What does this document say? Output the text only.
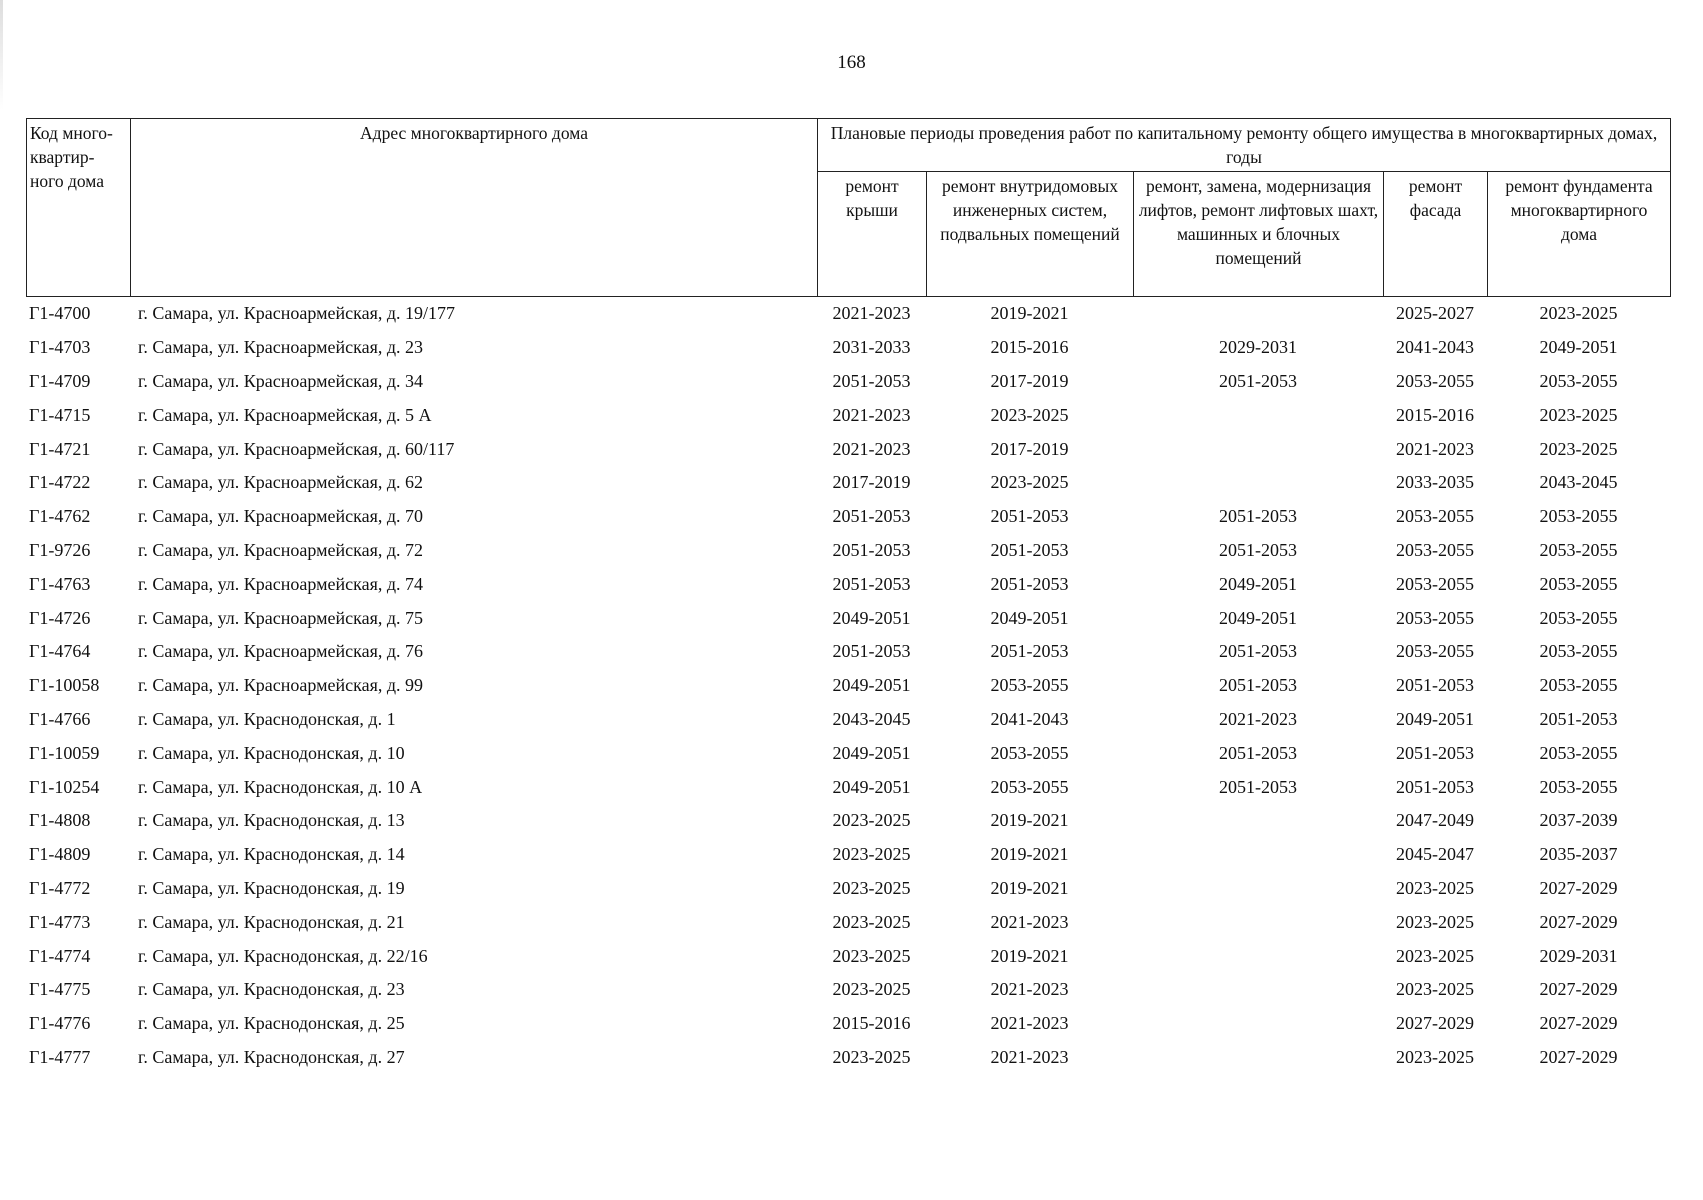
168
Код много-квартир-ного дома	Адрес многоквартирного дома	Плановые периоды проведения работ по капитальному ремонту общего имущества в многоквартирных домах, годы				
		ремонт крыши	ремонт внутридомовых инженерных систем, подвальных помещений	ремонт, замена, модернизация лифтов, ремонт лифтовых шахт, машинных и блочных помещений	ремонт фасада	ремонт фундамента многоквартирного дома
Г1-4700	г. Самара, ул. Красноармейская, д. 19/177	2021-2023	2019-2021		2025-2027	2023-2025
Г1-4703	г. Самара, ул. Красноармейская, д. 23	2031-2033	2015-2016	2029-2031	2041-2043	2049-2051
Г1-4709	г. Самара, ул. Красноармейская, д. 34	2051-2053	2017-2019	2051-2053	2053-2055	2053-2055
Г1-4715	г. Самара, ул. Красноармейская, д. 5 А	2021-2023	2023-2025		2015-2016	2023-2025
Г1-4721	г. Самара, ул. Красноармейская, д. 60/117	2021-2023	2017-2019		2021-2023	2023-2025
Г1-4722	г. Самара, ул. Красноармейская, д. 62	2017-2019	2023-2025		2033-2035	2043-2045
Г1-4762	г. Самара, ул. Красноармейская, д. 70	2051-2053	2051-2053	2051-2053	2053-2055	2053-2055
Г1-9726	г. Самара, ул. Красноармейская, д. 72	2051-2053	2051-2053	2051-2053	2053-2055	2053-2055
Г1-4763	г. Самара, ул. Красноармейская, д. 74	2051-2053	2051-2053	2049-2051	2053-2055	2053-2055
Г1-4726	г. Самара, ул. Красноармейская, д. 75	2049-2051	2049-2051	2049-2051	2053-2055	2053-2055
Г1-4764	г. Самара, ул. Красноармейская, д. 76	2051-2053	2051-2053	2051-2053	2053-2055	2053-2055
Г1-10058	г. Самара, ул. Красноармейская, д. 99	2049-2051	2053-2055	2051-2053	2051-2053	2053-2055
Г1-4766	г. Самара, ул. Краснодонская, д. 1	2043-2045	2041-2043	2021-2023	2049-2051	2051-2053
Г1-10059	г. Самара, ул. Краснодонская, д. 10	2049-2051	2053-2055	2051-2053	2051-2053	2053-2055
Г1-10254	г. Самара, ул. Краснодонская, д. 10 А	2049-2051	2053-2055	2051-2053	2051-2053	2053-2055
Г1-4808	г. Самара, ул. Краснодонская, д. 13	2023-2025	2019-2021		2047-2049	2037-2039
Г1-4809	г. Самара, ул. Краснодонская, д. 14	2023-2025	2019-2021		2045-2047	2035-2037
Г1-4772	г. Самара, ул. Краснодонская, д. 19	2023-2025	2019-2021		2023-2025	2027-2029
Г1-4773	г. Самара, ул. Краснодонская, д. 21	2023-2025	2021-2023		2023-2025	2027-2029
Г1-4774	г. Самара, ул. Краснодонская, д. 22/16	2023-2025	2019-2021		2023-2025	2029-2031
Г1-4775	г. Самара, ул. Краснодонская, д. 23	2023-2025	2021-2023		2023-2025	2027-2029
Г1-4776	г. Самара, ул. Краснодонская, д. 25	2015-2016	2021-2023		2027-2029	2027-2029
Г1-4777	г. Самара, ул. Краснодонская, д. 27	2023-2025	2021-2023		2023-2025	2027-2029
